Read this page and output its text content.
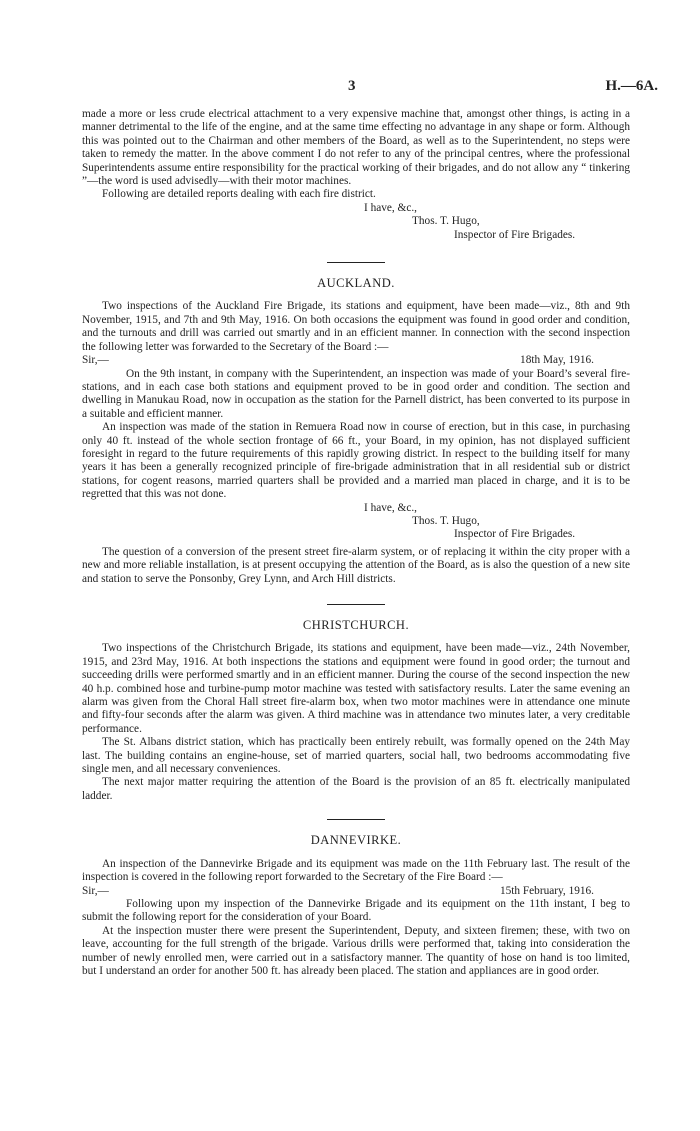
3	H.—6A.

made a more or less crude electrical attachment to a very expensive machine that, amongst other things, is acting in a manner detrimental to the life of the engine, and at the same time effecting no advantage in any shape or form. Although this was pointed out to the Chairman and other members of the Board, as well as to the Superintendent, no steps were taken to remedy the matter. In the above comment I do not refer to any of the principal centres, where the professional Superintendents assume entire responsibility for the practical working of their brigades, and do not allow any “ tinkering ”—the word is used advisedly—with their motor machines.

Following are detailed reports dealing with each fire district.

I have, &c.,
Thos. T. Hugo,
Inspector of Fire Brigades.
AUCKLAND.

Two inspections of the Auckland Fire Brigade, its stations and equipment, have been made—viz., 8th and 9th November, 1915, and 7th and 9th May, 1916. On both occasions the equipment was found in good order and condition, and the turnouts and drill was carried out smartly and in an efficient manner. In connection with the second inspection the following letter was forwarded to the Secretary of the Board :—

Sir,—	18th May, 1916.

On the 9th instant, in company with the Superintendent, an inspection was made of your Board’s several fire-stations, and in each case both stations and equipment proved to be in good order and condition. The section and dwelling in Manukau Road, now in occupation as the station for the Parnell district, has been converted to its purpose in a suitable and efficient manner.

An inspection was made of the station in Remuera Road now in course of erection, but in this case, in purchasing only 40 ft. instead of the whole section frontage of 66 ft., your Board, in my opinion, has not displayed sufficient foresight in regard to the future requirements of this rapidly growing district. In respect to the building itself for many years it has been a generally recognized principle of fire-brigade administration that in all residential sub or district stations, for cogent reasons, married quarters shall be provided and a married man placed in charge, and it is to be regretted that this was not done.

I have, &c.,
Thos. T. Hugo,
Inspector of Fire Brigades.

The question of a conversion of the present street fire-alarm system, or of replacing it within the city proper with a new and more reliable installation, is at present occupying the attention of the Board, as is also the question of a new site and station to serve the Ponsonby, Grey Lynn, and Arch Hill districts.

CHRISTCHURCH.

Two inspections of the Christchurch Brigade, its stations and equipment, have been made—viz., 24th November, 1915, and 23rd May, 1916. At both inspections the stations and equipment were found in good order; the turnout and succeeding drills were performed smartly and in an efficient manner. During the course of the second inspection the new 40 h.p. combined hose and turbine-pump motor machine was tested with satisfactory results. Later the same evening an alarm was given from the Choral Hall street fire-alarm box, when two motor machines were in attendance one minute and fifty-four seconds after the alarm was given. A third machine was in attendance two minutes later, a very creditable performance.

The St. Albans district station, which has practically been entirely rebuilt, was formally opened on the 24th May last. The building contains an engine-house, set of married quarters, social hall, two bedrooms accommodating five single men, and all necessary conveniences.

The next major matter requiring the attention of the Board is the provision of an 85 ft. electrically manipulated ladder.

DANNEVIRKE.

An inspection of the Dannevirke Brigade and its equipment was made on the 11th February last. The result of the inspection is covered in the following report forwarded to the Secretary of the Fire Board :—

Sir,—	15th February, 1916.

Following upon my inspection of the Dannevirke Brigade and its equipment on the 11th instant, I beg to submit the following report for the consideration of your Board.

At the inspection muster there were present the Superintendent, Deputy, and sixteen firemen; these, with two on leave, accounting for the full strength of the brigade. Various drills were performed that, taking into consideration the number of newly enrolled men, were carried out in a satisfactory manner. The quantity of hose on hand is too limited, but I understand an order for another 500 ft. has already been placed. The station and appliances are in good order.
